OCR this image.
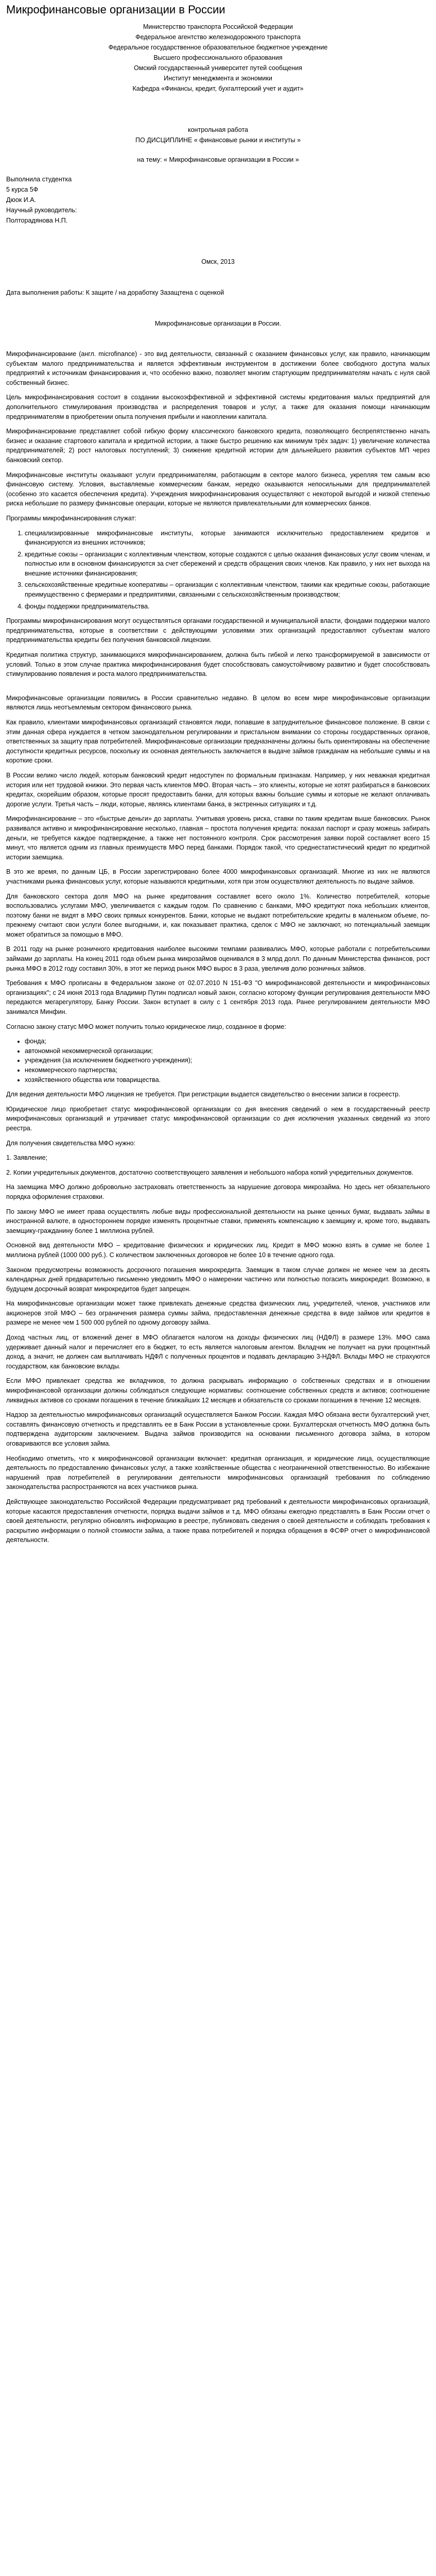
Микрофинансовые организации в России

Министерство транспорта Российской Федерации

Федеральное агентство железнодорожного транспорта

Федеральное государственное образовательное бюджетное учреждение

Высшего профессионального образования

Омский государственный университет путей сообщения

Институт менеджмента и экономики

Кафедра «Финансы, кредит, бухгалтерский учет и аудит»

контрольная работа

ПО ДИСЦИПЛИНЕ « финансовые рынки и институты »

на тему: « Микрофинансовые организации в России »

Выполнила студентка

5 курса 5Ф

Дюок И.А.

Научный руководитель:

Полторадянова Н.П.

Омск, 2013

Дата выполнения работы: К защите / на доработку Зазащтена с оценкой

Микрофинансовые организации в России.

Микрофинансирование (англ. microfinance) - это вид деятельности, связанный с оказанием финансовых услуг, как правило, начинающим субъектам малого предпринимательства и является эффективным инструментом в достижении более свободного доступа малых предприятий к источникам финансирования и, что особенно важно, позволяет многим стартующим предпринимателям начать с нуля свой собственный бизнес.

Цель микрофинансирования состоит в создании высокоэффективной и эффективной системы кредитования малых предприятий для дополнительного стимулирования производства и распределения товаров и услуг, а также для оказания помощи начинающим предпринимателям в приобретении опыта получения прибыли и накоплении капитала.

Микрофинансирование представляет собой гибкую форму классического банковского кредита, позволяющего беспрепятственно начать бизнес и оказание стартового капитала и кредитной истории, а также быстро решению как минимум трёх задач: 1) увеличение количества предпринимателей; 2) рост налоговых поступлений; 3) снижение кредитной истории для дальнейшего развития субъектов МП через банковский сектор.

Микрофинансовые институты оказывают услуги предпринимателям, работающим в секторе малого бизнеса, укрепляя тем самым всю финансовую систему. Условия, выставляемые коммерческим банкам, нередко оказываются непосильными для предпринимателей (особенно это касается обеспечения кредита). Учреждения микрофинансирования осуществляют с некоторой выгодой и низкой степенью риска небольшие по размеру финансовые операции, которые не являются привлекательными для коммерческих банков.

Программы микрофинансирования служат:

1. специализированные микрофинансовые институты, которые занимаются исключительно предоставлением кредитов и финансируются из внешних источников;
2. кредитные союзы – организации с коллективным членством, которые создаются с целью оказания финансовых услуг своим членам, и полностью или в основном финансируются за счет сбережений и средств обращения своих членов. Как правило, у них нет выхода на внешние источники финансирования;
3. сельскохозяйственные кредитные кооперативы – организации с коллективным членством, такими как кредитные союзы, работающие преимущественно с фермерами и предприятиями, связанными с сельскохозяйственным производством;
4. фонды поддержки предпринимательства.

Программы микрофинансирования могут осуществляться органами государственной и муниципальной власти, фондами поддержки малого предпринимательства, которые в соответствии с действующими условиями этих организаций предоставляют субъектам малого предпринимательства кредиты без получения банковской лицензии.

Кредитная политика структур, занимающихся микрофинансированием, должна быть гибкой и легко трансформируемой в зависимости от условий. Только в этом случае практика микрофинансирования будет способствовать самоустойчивому развитию и будет способствовать стимулированию появления и роста малого предпринимательства.

Микрофинансовые организации появились в России сравнительно недавно. В целом во всем мире микрофинансовые организации являются лишь неотъемлемым сектором финансового рынка.

Как правило, клиентами микрофинансовых организаций становятся люди, попавшие в затруднительное финансовое положение. В связи с этим данная сфера нуждается в четком законодательном регулировании и пристальном внимании со стороны государственных органов, ответственных за защиту прав потребителей. Микрофинансовые организации предназначены должны быть ориентированы на обеспечение доступности кредитных ресурсов, поскольку их основная деятельность заключается в выдаче займов гражданам на небольшие суммы и на короткие сроки.

В России велико число людей, которым банковский кредит недоступен по формальным признакам. Например, у них неважная кредитная история или нет трудовой книжки. Это первая часть клиентов МФО. Вторая часть – это клиенты, которые не хотят разбираться в банковских кредитах, скорейшим образом, которые просят предоставить банки, для которых важны большие суммы и которые не желают оплачивать дорогие услуги. Третья часть – люди, которые, являясь клиентами банка, в экстренных ситуациях и т.д.

Микрофинансирование – это «быстрые деньги» до зарплаты. Учитывая уровень риска, ставки по таким кредитам выше банковских. Рынок развивался активно и микрофинансирование несколько, главная – простота получения кредита: показал паспорт и сразу можешь забирать деньги, не требуется каждое подтверждение, а также нет постоянного контроля. Срок рассмотрения заявки порой составляет всего 15 минут, что является одним из главных преимуществ МФО перед банками. Порядок такой, что среднестатистический кредит по кредитной истории заемщика.

В это же время, по данным ЦБ, в России зарегистрировано более 4000 микрофинансовых организаций. Многие из них не являются участниками рынка финансовых услуг, которые называются кредитными, хотя при этом осуществляют деятельность по выдаче займов.

Для банковского сектора доля МФО на рынке кредитования составляет всего около 1%. Количество потребителей, которые воспользовались услугами МФО, увеличивается с каждым годом. По сравнению с банками, МФО кредитуют пока небольших клиентов, поэтому банки не видят в МФО своих прямых конкурентов. Банки, которые не выдают потребительские кредиты в маленьком объеме, по-прежнему считают свои услуги более выгодными, и, как показывает практика, сделок с МФО не заключают, но потенциальный заемщик может обратиться за помощью в МФО.

В 2011 году на рынке розничного кредитования наиболее высокими темпами развивались МФО, которые работали с потребительскими займами до зарплаты. На конец 2011 года объем рынка микрозаймов оценивался в 3 млрд долл. По данным Министерства финансов, рост рынка МФО в 2012 году составил 30%, в этот же период рынок МФО вырос в 3 раза, увеличив долю розничных займов.

Требования к МФО прописаны в Федеральном законе от 02.07.2010 N 151-ФЗ "О микрофинансовой деятельности и микрофинансовых организациях"; с 24 июня 2013 года Владимир Путин подписал новый закон, согласно которому функции регулирования деятельности МФО передаются мегарегулятору, Банку России. Закон вступает в силу с 1 сентября 2013 года. Ранее регулированием деятельности МФО занимался Минфин.

Согласно закону статус МФО может получить только юридическое лицо, созданное в форме:

• фонда;
• автономной некоммерческой организации;
• учреждения (за исключением бюджетного учреждения);
• некоммерческого партнерства;
• хозяйственного общества или товарищества.

Для ведения деятельности МФО лицензия не требуется. При регистрации выдается свидетельство о внесении записи в госреестр.

Юридическое лицо приобретает статус микрофинансовой организации со дня внесения сведений о нем в государственный реестр микрофинансовых организаций и утрачивает статус микрофинансовой организации со дня исключения указанных сведений из этого реестра.

Для получения свидетельства МФО нужно:

1. Заявление;

2. Копии учредительных документов, достаточно соответствующего заявления и небольшого набора копий учредительных документов.

На заемщика МФО должно добровольно застраховать ответственность за нарушение договора микрозайма. Но здесь нет обязательного порядка оформления страховки.

По закону МФО не имеет права осуществлять любые виды профессиональной деятельности на рынке ценных бумаг, выдавать займы в иностранной валюте, в одностороннем порядке изменять процентные ставки, применять компенсацию к заемщику и, кроме того, выдавать заемщику-гражданину более 1 миллиона рублей.

Основной вид деятельности МФО – кредитование физических и юридических лиц. Кредит в МФО можно взять в сумме не более 1 миллиона рублей (1000 000 руб.). С количеством заключенных договоров не более 10 в течение одного года.

Законом предусмотрены возможность досрочного погашения микрокредита. Заемщик в таком случае должен не менее чем за десять календарных дней предварительно письменно уведомить МФО о намерении частично или полностью погасить микрокредит. Возможно, в будущем досрочный возврат микрокредитов будет запрещен.

На микрофинансовые организации может также привлекать денежные средства физических лиц, учредителей, членов, участников или акционеров этой МФО – без ограничения размера суммы займа, предоставленная денежные средства в виде займов или кредитов в размере не менее чем 1 500 000 рублей по одному договору займа.

Доход частных лиц, от вложений денег в МФО облагается налогом на доходы физических лиц (НДФЛ) в размере 13%. МФО сама удерживает данный налог и перечисляет его в бюджет, то есть является налоговым агентом. Вкладчик не получает на руки процентный доход, а значит, не должен сам выплачивать НДФЛ с полученных процентов и подавать декларацию 3-НДФЛ. Вклады МФО не страхуются государством, как банковские вклады.

Если МФО привлекает средства же вкладчиков, то должна раскрывать информацию о собственных средствах и в отношении микрофинансовой организации должны соблюдаться следующие нормативы: соотношение собственных средств и активов; соотношение ликвидных активов со сроками погашения в течение ближайших 12 месяцев и обязательств со сроками погашения в течение 12 месяцев.

Надзор за деятельностью микрофинансовых организаций осуществляется Банком России. Каждая МФО обязана вести бухгалтерский учет, составлять финансовую отчетность и представлять ее в Банк России в установленные сроки. Бухгалтерская отчетность МФО должна быть подтверждена аудиторским заключением. Выдача займов производится на основании письменного договора займа, в котором оговариваются все условия займа.

Необходимо отметить, что к микрофинансовой организации включает: кредитная организация, и юридические лица, осуществляющие деятельность по предоставлению финансовых услуг, а также хозяйственные общества с неограниченной ответственностью. Во избежание нарушений прав потребителей в регулировании деятельности микрофинансовых организаций требования по соблюдению законодательства распространяются на всех участников рынка.

Действующее законодательство Российской Федерации предусматривает ряд требований к деятельности микрофинансовых организаций, которые касаются предоставления отчетности, порядка выдачи займов и т.д. МФО обязаны ежегодно представлять в Банк России отчет о своей деятельности, регулярно обновлять информацию в реестре, публиковать сведения о своей деятельности и соблюдать требования к раскрытию информации о полной стоимости займа, а также права потребителей и порядка обращения в ФСФР отчет о микрофинансовой деятельности.
